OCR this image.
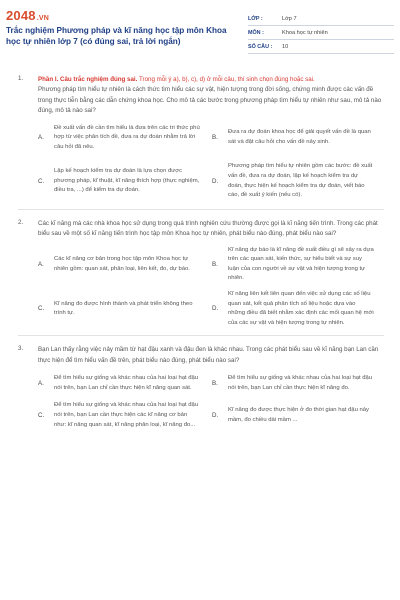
2048.VN
Trắc nghiệm Phương pháp và kĩ năng học tập môn Khoa học tự nhiên lớp 7 (có đúng sai, trả lời ngắn)
LỚP :	Lớp 7
MÔN :	Khoa học tự nhiên
SỐ CÂU :	10
1. Phần I. Câu trắc nghiệm đúng sai. Trong mỗi ý a), b), c), d) ở mỗi câu, thí sinh chọn đúng hoặc sai.
Phương pháp tìm hiểu tự nhiên là cách thức tìm hiểu các sự vật, hiện tượng trong đời sống, chứng minh được các vấn đề trong thực tiễn bằng các dẫn chứng khoa học. Cho mô tả các bước trong phương pháp tìm hiểu tự nhiên như sau, mô tả nào đúng, mô tả nào sai?
A.
Đề xuất vấn đề cần tìm hiểu là đưa trên các tri thức phù hợp từ việc phân tích đề, đưa ra dự đoán nhằm trả lời câu hỏi đã nêu.
B.
Đưa ra dự đoán khoa học để giải quyết vấn đề là quan sát và đặt câu hỏi cho vấn đề nảy sinh.
C.
Lập kế hoạch kiểm tra dự đoán là lựa chọn được phương pháp, kĩ thuật, kĩ năng thích hợp (thực nghiệm, điều tra, ...) để kiểm tra dự đoán.
D.
Phương pháp tìm hiểu tự nhiên gồm các bước: đề xuất vấn đề, đưa ra dự đoán, lập kế hoạch kiểm tra dự đoán, thực hiện kế hoạch kiểm tra dự đoán, viết báo cáo, đề xuất ý kiến (nếu có).
2. Các kĩ năng mà các nhà khoa học sử dụng trong quá trình nghiên cứu thường được gọi là kĩ năng tiến trình. Trong các phát biểu sau về một số kĩ năng tiến trình học tập môn Khoa học tự nhiên, phát biểu nào đúng, phát biểu nào sai?
A.
Các kĩ năng cơ bản trong học tập môn Khoa học tự nhiên gồm: quan sát, phân loại, liên kết, đo, dự báo.
B.
Kĩ năng dự báo là kĩ năng đề xuất điều gì sẽ xảy ra dựa trên các quan sát, kiến thức, sự hiểu biết và sự suy luận của con người về sự vật và hiện tượng trong tự nhiên.
C.
Kĩ năng đo được hình thành và phát triển không theo trình tự.
D.
Kĩ năng liên kết liên quan đến việc sử dụng các số liệu quan sát, kết quả phân tích số liệu hoặc dựa vào những điều đã biết nhằm xác định các mối quan hệ mới của các sự vật và hiện tượng trong tự nhiên.
3. Bạn Lan thấy rằng việc nảy mầm từ hạt đậu xanh và đậu đen là khác nhau. Trong các phát biểu sau về kĩ năng bạn Lan cần thực hiện để tìm hiểu vấn đề trên, phát biểu nào đúng, phát biểu nào sai?
A.
Để tìm hiểu sự giống và khác nhau của hai loại hạt đậu nói trên, bạn Lan chỉ cần thực hiện kĩ năng quan sát.
B.
Để tìm hiểu sự giống và khác nhau của hai loại hạt đậu nói trên, bạn Lan chỉ cần thực hiện kĩ năng đo.
C.
Để tìm hiểu sự giống và khác nhau của hai loại hạt đậu nói trên, bạn Lan cần thực hiện các kĩ năng cơ bản như: kĩ năng quan sát, kĩ năng phân loại, kĩ năng đo...
D.
Kĩ năng đo được thực hiện ở đo thời gian hạt đậu nảy mầm, đo chiều dài mầm ...
